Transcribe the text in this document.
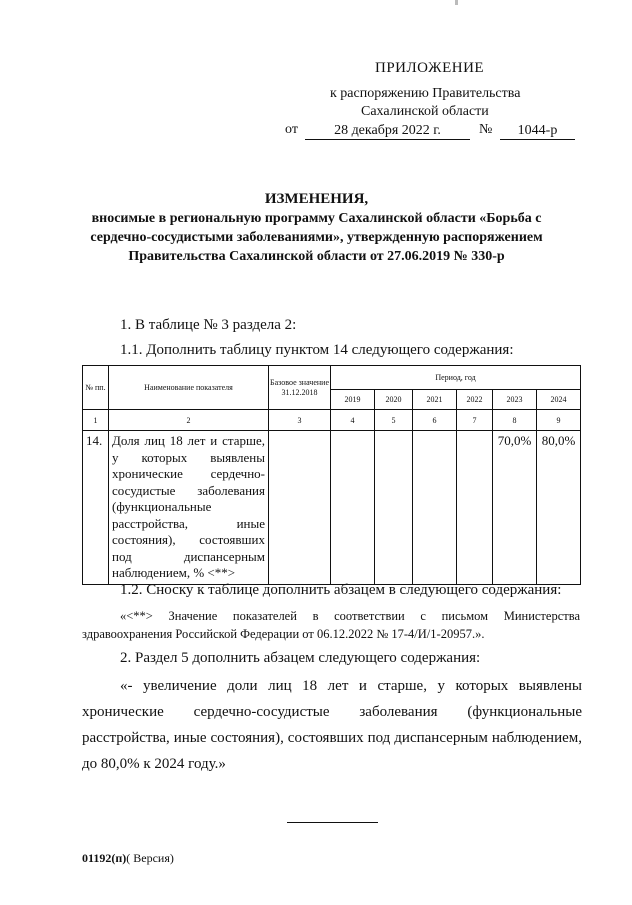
ПРИЛОЖЕНИЕ
к распоряжению Правительства
Сахалинской области
от	28 декабря 2022 г.	№	1044-р
ИЗМЕНЕНИЯ,
вносимые в региональную программу Сахалинской области «Борьба с
сердечно-сосудистыми заболеваниями», утвержденную распоряжением
Правительства Сахалинской области от 27.06.2019 № 330-р
1. В таблице № 3 раздела 2:
1.1. Дополнить таблицу пунктом 14 следующего содержания:
№ пп.	Наименование показателя	Базовое значение 31.12.2018	Период, год					
			2019	2020	2021	2022	2023	2024
1	2	3	4	5	6	7	8	9
14.	Доля лиц 18 лет и старше, у которых выявлены хронические сердечно-сосудистые заболевания (функциональные расстройства, иные состояния), состоявших под диспансерным наблюдением, % <**>						70,0%	80,0%
1.2. Сноску к таблице дополнить абзацем в следующего содержания:
«<**> Значение показателей в соответствии с письмом Министерства здравоохранения Российской Федерации от 06.12.2022 № 17-4/И/1-20957.».
2. Раздел 5 дополнить абзацем следующего содержания:
«- увеличение доли лиц 18 лет и старше, у которых выявлены хронические сердечно-сосудистые заболевания (функциональные расстройства, иные состояния), состоявших под диспансерным наблюдением, до 80,0% к 2024 году.»
01192(п)( Версия)
